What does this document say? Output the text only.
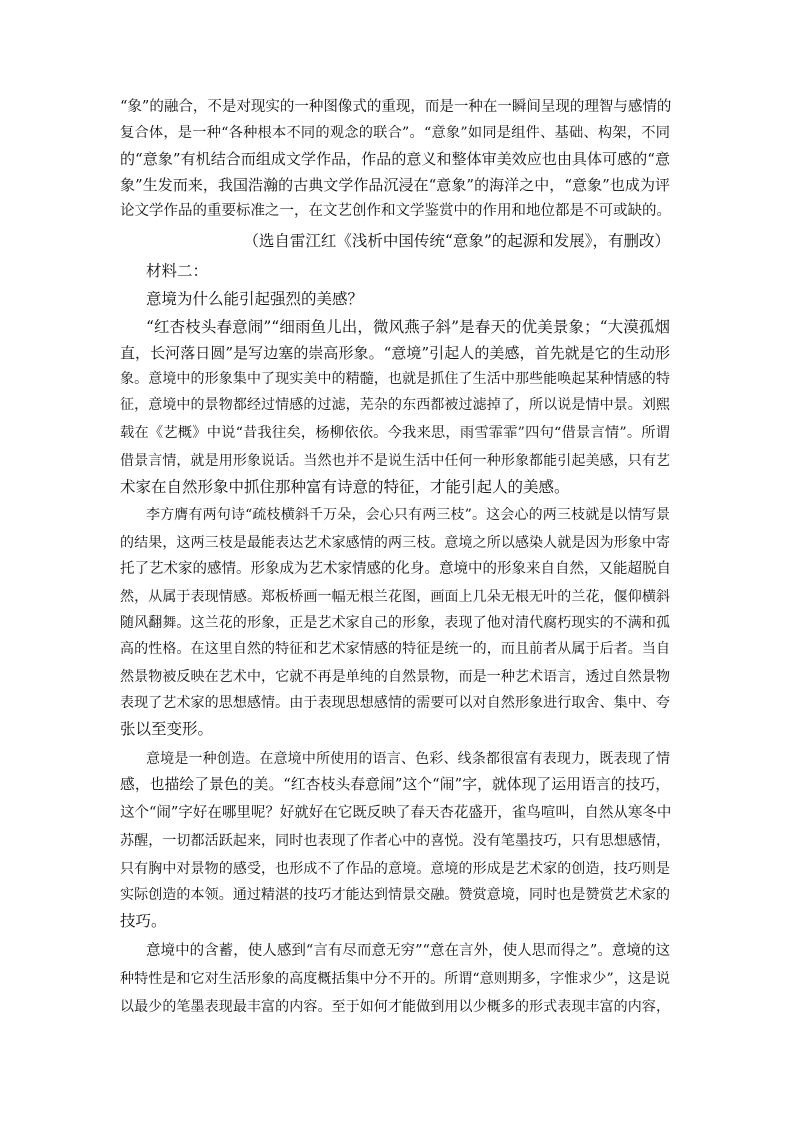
“象”的融合，不是对现实的一种图像式的重现，而是一种在一瞬间呈现的理智与感情的
复合体，是一种“各种根本不同的观念的联合”。“意象”如同是组件、基础、构架，不同
的“意象”有机结合而组成文学作品，作品的意义和整体审美效应也由具体可感的“意
象”生发而来，我国浩瀚的古典文学作品沉浸在“意象”的海洋之中，“意象”也成为评
论文学作品的重要标准之一，在文艺创作和文学鉴赏中的作用和地位都是不可或缺的。
（选自雷江红《浅析中国传统“意象”的起源和发展》，有删改）
材料二：
意境为什么能引起强烈的美感？
“红杏枝头春意闹”“细雨鱼儿出，微风燕子斜”是春天的优美景象；“大漠孤烟
直，长河落日圆”是写边塞的崇高形象。“意境”引起人的美感，首先就是它的生动形
象。意境中的形象集中了现实美中的精髓，也就是抓住了生活中那些能唤起某种情感的特
征，意境中的景物都经过情感的过滤，芜杂的东西都被过滤掉了，所以说是情中景。刘熙
载在《艺概》中说“昔我往矣，杨柳依依。今我来思，雨雪霏霏”四句“借景言情”。所谓
借景言情，就是用形象说话。当然也并不是说生活中任何一种形象都能引起美感，只有艺
术家在自然形象中抓住那种富有诗意的特征，才能引起人的美感。
李方膺有两句诗“疏枝横斜千万朵，会心只有两三枝”。这会心的两三枝就是以情写景
的结果，这两三枝是最能表达艺术家感情的两三枝。意境之所以感染人就是因为形象中寄
托了艺术家的感情。形象成为艺术家情感的化身。意境中的形象来自自然，又能超脱自
然，从属于表现情感。郑板桥画一幅无根兰花图，画面上几朵无根无叶的兰花，偃仰横斜
随风翻舞。这兰花的形象，正是艺术家自己的形象，表现了他对清代腐朽现实的不满和孤
高的性格。在这里自然的特征和艺术家情感的特征是统一的，而且前者从属于后者。当自
然景物被反映在艺术中，它就不再是单纯的自然景物，而是一种艺术语言，透过自然景物
表现了艺术家的思想感情。由于表现思想感情的需要可以对自然形象进行取舍、集中、夸
张以至变形。
意境是一种创造。在意境中所使用的语言、色彩、线条都很富有表现力，既表现了情
感，也描绘了景色的美。“红杏枝头春意闹”这个“闹”字，就体现了运用语言的技巧，
这个“闹”字好在哪里呢？好就好在它既反映了春天杏花盛开，雀鸟喧叫，自然从寒冬中
苏醒，一切都活跃起来，同时也表现了作者心中的喜悦。没有笔墨技巧，只有思想感情，
只有胸中对景物的感受，也形成不了作品的意境。意境的形成是艺术家的创造，技巧则是
实际创造的本领。通过精湛的技巧才能达到情景交融。赞赏意境，同时也是赞赏艺术家的
技巧。
意境中的含蓄，使人感到“言有尽而意无穷”“意在言外，使人思而得之”。意境的这
种特性是和它对生活形象的高度概括集中分不开的。所谓“意则期多，字惟求少”，这是说
以最少的笔墨表现最丰富的内容。至于如何才能做到用以少概多的形式表现丰富的内容，
